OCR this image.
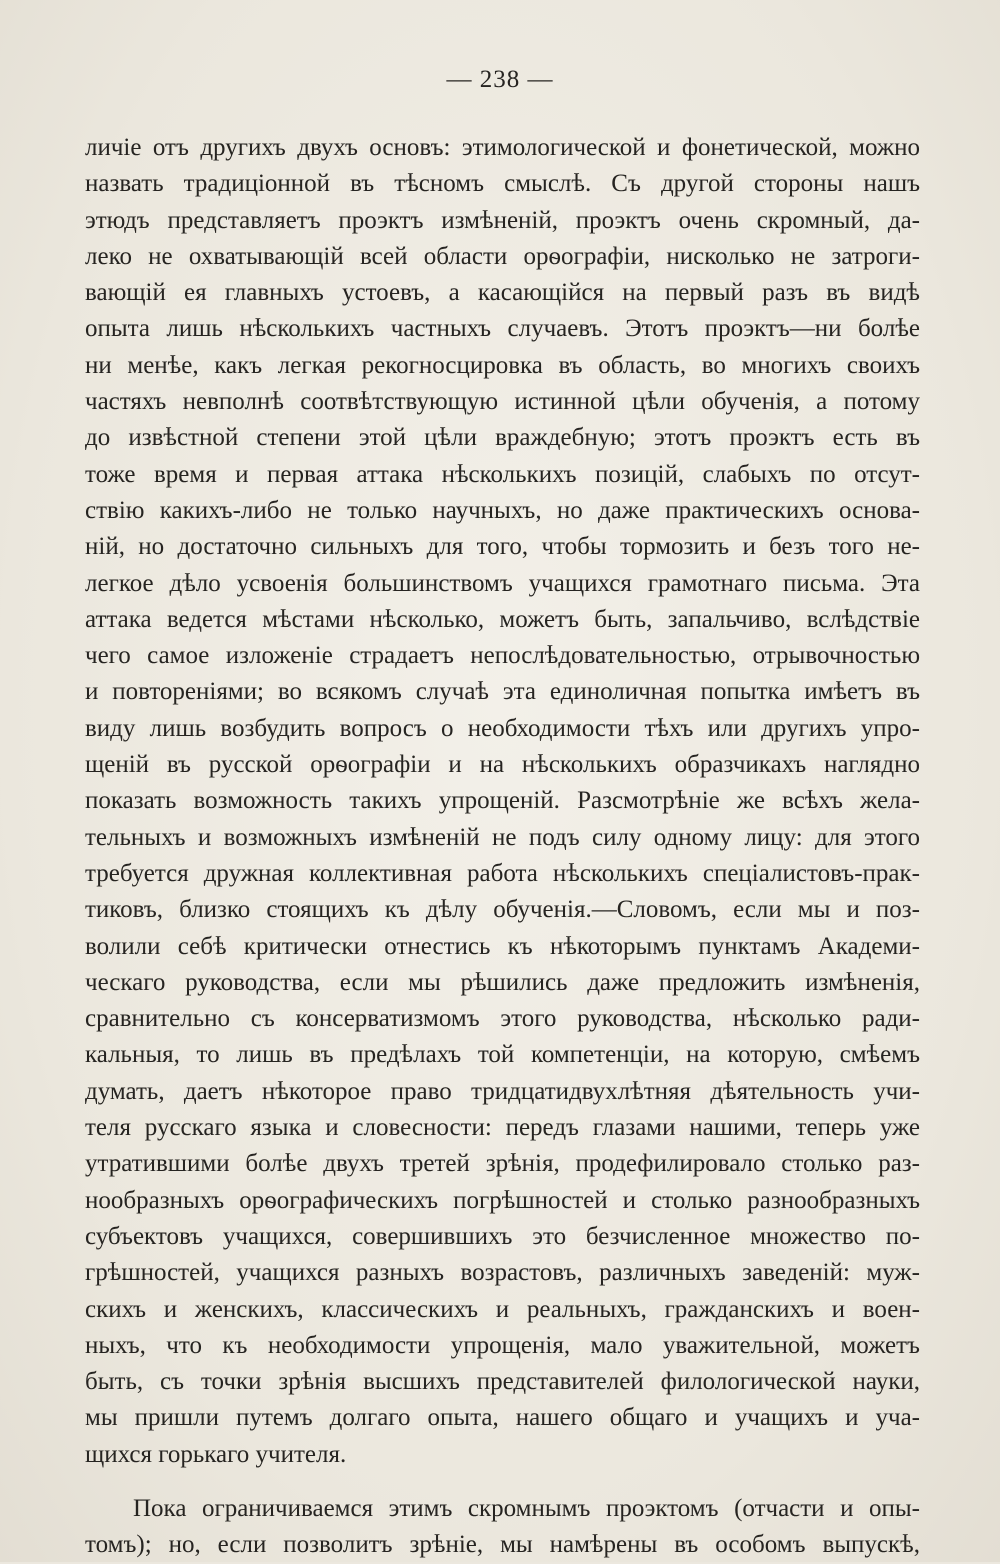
— 238 —
личіе отъ другихъ двухъ основъ: этимологической и фонетической, можно
назвать традиціонной въ тѣсномъ смыслѣ. Съ другой стороны нашъ
этюдъ представляетъ проэктъ измѣненій, проэктъ очень скромный, да-
леко не охватывающій всей области орѳографіи, нисколько не затроги-
вающій ея главныхъ устоевъ, а касающійся на первый разъ въ видѣ
опыта лишь нѣсколькихъ частныхъ случаевъ. Этотъ проэктъ—ни болѣе
ни менѣе, какъ легкая рекогносцировка въ область, во многихъ своихъ
частяхъ невполнѣ соотвѣтствующую истинной цѣли обученія, а потому
до извѣстной степени этой цѣли враждебную; этотъ проэктъ есть въ
тоже время и первая аттака нѣсколькихъ позицій, слабыхъ по отсут-
ствію какихъ-либо не только научныхъ, но даже практическихъ основа-
ній, но достаточно сильныхъ для того, чтобы тормозить и безъ того не-
легкое дѣло усвоенія большинствомъ учащихся грамотнаго письма. Эта
аттака ведется мѣстами нѣсколько, можетъ быть, запальчиво, вслѣдствіе
чего самое изложеніе страдаетъ непослѣдовательностью, отрывочностью
и повтореніями; во всякомъ случаѣ эта единоличная попытка имѣетъ въ
виду лишь возбудить вопросъ о необходимости тѣхъ или другихъ упро-
щеній въ русской орѳографіи и на нѣсколькихъ образчикахъ наглядно
показать возможность такихъ упрощеній. Разсмотрѣніе же всѣхъ жела-
тельныхъ и возможныхъ измѣненій не подъ силу одному лицу: для этого
требуется дружная коллективная работа нѣсколькихъ спеціалистовъ-прак-
тиковъ, близко стоящихъ къ дѣлу обученія.—Словомъ, если мы и поз-
волили себѣ критически отнестись къ нѣкоторымъ пунктамъ Академи-
ческаго руководства, если мы рѣшились даже предложить измѣненія,
сравнительно съ консерватизмомъ этого руководства, нѣсколько ради-
кальныя, то лишь въ предѣлахъ той компетенціи, на которую, смѣемъ
думать, даетъ нѣкоторое право тридцатидвухлѣтняя дѣятельность учи-
теля русскаго языка и словесности: передъ глазами нашими, теперь уже
утратившими болѣе двухъ третей зрѣнія, продефилировало столько раз-
нообразныхъ орѳографическихъ погрѣшностей и столько разнообразныхъ
субъектовъ учащихся, совершившихъ это безчисленное множество по-
грѣшностей, учащихся разныхъ возрастовъ, различныхъ заведеній: муж-
скихъ и женскихъ, классическихъ и реальныхъ, гражданскихъ и воен-
ныхъ, что къ необходимости упрощенія, мало уважительной, можетъ
быть, съ точки зрѣнія высшихъ представителей филологической науки,
мы пришли путемъ долгаго опыта, нашего общаго и учащихъ и уча-
щихся горькаго учителя.
Пока ограничиваемся этимъ скромнымъ проэктомъ (отчасти и опы-
томъ); но, если позволитъ зрѣніе, мы намѣрены въ особомъ выпускѣ,
